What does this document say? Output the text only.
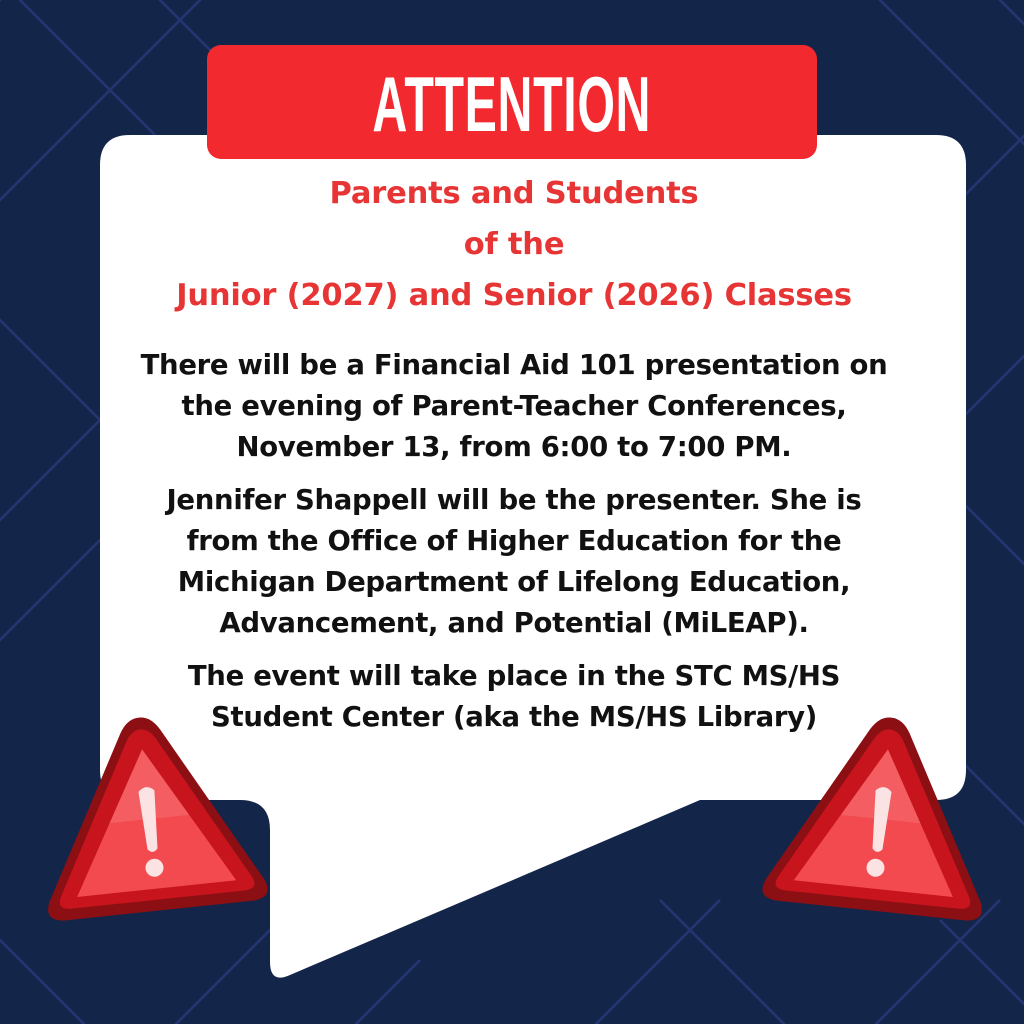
ATTENTION
Parents and Students
of the
Junior (2027) and Senior (2026) Classes
There will be a Financial Aid 101 presentation on
the evening of Parent-Teacher Conferences,
November 13, from 6:00 to 7:00 PM.
Jennifer Shappell will be the presenter. She is
from the Office of Higher Education for the
Michigan Department of Lifelong Education,
Advancement, and Potential (MiLEAP).
The event will take place in the STC MS/HS
Student Center (aka the MS/HS Library)
